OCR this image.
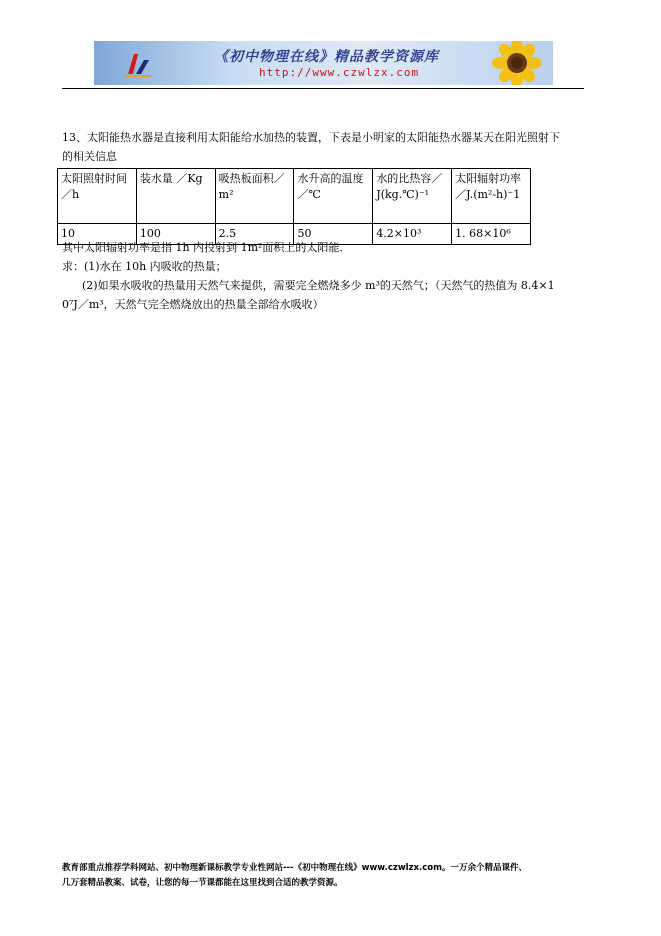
《初中物理在线》精品教学资源库
http://www.czwlzx.com
13、太阳能热水器是直接利用太阳能给水加热的装置，下表是小明家的太阳能热水器某天在阳光照射下
的相关信息
太阳照射时间／h	装水量 ／Kg	吸热板面积／m²	水升高的温度／℃	水的比热容／ J(kg.℃)⁻¹	太阳辐射功率／J.(m²-h)⁻1
10	100	2.5	50	4.2×10³	1. 68×10⁶
其中太阳辐射功率是指 1h 内投射到 1m²面积上的太阳能．
求：(1)水在 10h 内吸收的热量；
(2)如果水吸收的热量用天然气来提供，需要完全燃烧多少 m³的天然气；（天然气的热值为 8.4×1
0⁷J／m³，天然气完全燃烧放出的热量全部给水吸收）
教育部重点推荐学科网站、初中物理新课标教学专业性网站---《初中物理在线》www.czwlzx.com。一万余个精品课件、
几万套精品教案、试卷，让您的每一节课都能在这里找到合适的教学资源。
